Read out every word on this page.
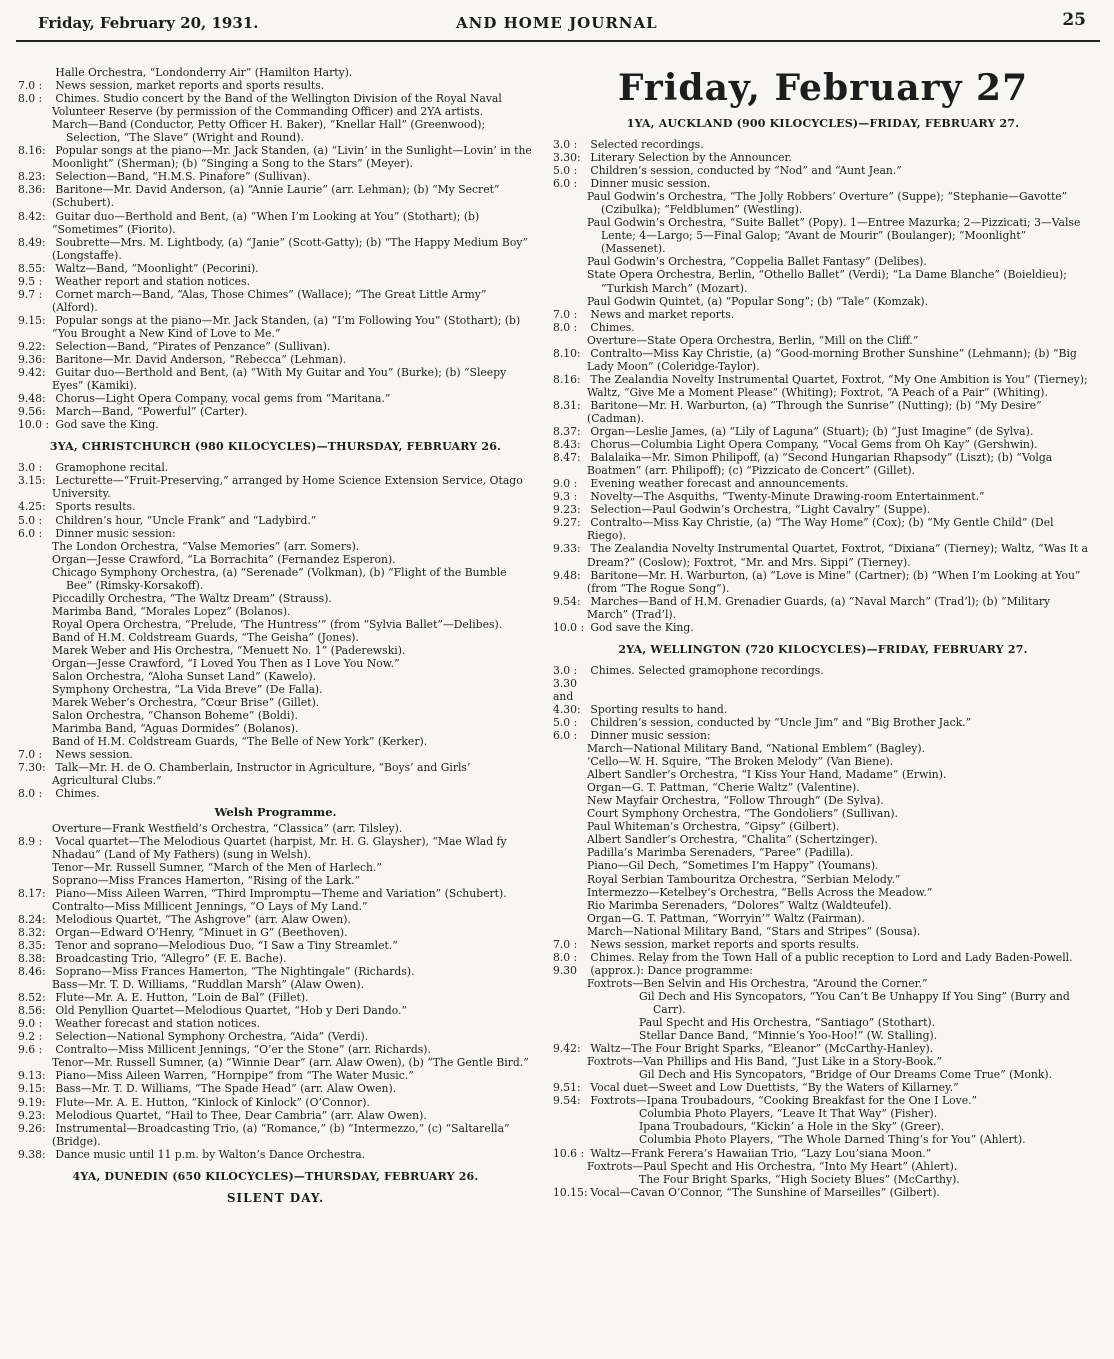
Friday, February 20, 1931.	AND HOME JOURNAL	25
Halle Orchestra, “Londonderry Air” (Hamilton Harty).
7.0 : News session, market reports and sports results.
8.0 : Chimes. Studio concert by the Band of the Wellington Division of the Royal Naval Volunteer Reserve (by permission of the Commanding Officer) and 2YA artists.
March—Band (Conductor, Petty Officer H. Baker), “Knellar Hall” (Greenwood); Selection, “The Slave” (Wright and Round).
8.16: Popular songs at the piano—Mr. Jack Standen, (a) “Livin’ in the Sunlight—Lovin’ in the Moonlight” (Sherman); (b) “Singing a Song to the Stars” (Meyer).
8.23: Selection—Band, “H.M.S. Pinafore” (Sullivan).
8.36: Baritone—Mr. David Anderson, (a) “Annie Laurie” (arr. Lehman); (b) “My Secret” (Schubert).
8.42: Guitar duo—Berthold and Bent, (a) “When I’m Looking at You” (Stothart); (b) “Sometimes” (Fiorito).
8.49: Soubrette—Mrs. M. Lightbody, (a) “Janie” (Scott-Gatty); (b) “The Happy Medium Boy” (Longstaffe).
8.55: Waltz—Band, “Moonlight” (Pecorini).
9.5 : Weather report and station notices.
9.7 : Cornet march—Band, “Alas, Those Chimes” (Wallace); “The Great Little Army” (Alford).
9.15: Popular songs at the piano—Mr. Jack Standen, (a) “I’m Following You” (Stothart); (b) “You Brought a New Kind of Love to Me.”
9.22: Selection—Band, “Pirates of Penzance” (Sullivan).
9.36: Baritone—Mr. David Anderson, “Rebecca” (Lehman).
9.42: Guitar duo—Berthold and Bent, (a) “With My Guitar and You” (Burke); (b) “Sleepy Eyes” (Kamiki).
9.48: Chorus—Light Opera Company, vocal gems from “Maritana.”
9.56: March—Band, “Powerful” (Carter).
10.0 : God save the King.
3YA, CHRISTCHURCH (980 KILOCYCLES)—THURSDAY, FEBRUARY 26.
3.0 : Gramophone recital.
3.15: Lecturette—“Fruit-Preserving,” arranged by Home Science Extension Service, Otago University.
4.25: Sports results.
5.0 : Children’s hour, “Uncle Frank” and “Ladybird.”
6.0 : Dinner music session:
The London Orchestra, “Valse Memories” (arr. Somers).
Organ—Jesse Crawford, “La Borrachita” (Fernandez Esperon).
Chicago Symphony Orchestra, (a) “Serenade” (Volkman), (b) “Flight of the Bumble Bee” (Rimsky-Korsakoff).
Piccadilly Orchestra, “The Waltz Dream” (Strauss).
Marimba Band, “Morales Lopez” (Bolanos).
Royal Opera Orchestra, “Prelude, ‘The Huntress’” (from “Sylvia Ballet”—Delibes).
Band of H.M. Coldstream Guards, “The Geisha” (Jones).
Marek Weber and His Orchestra, “Menuett No. 1” (Paderewski).
Organ—Jesse Crawford, “I Loved You Then as I Love You Now.”
Salon Orchestra, “Aloha Sunset Land” (Kawelo).
Symphony Orchestra, “La Vida Breve” (De Falla).
Marek Weber’s Orchestra, “Cœur Brise” (Gillet).
Salon Orchestra, “Chanson Boheme” (Boldi).
Marimba Band, “Aguas Dormides” (Bolanos).
Band of H.M. Coldstream Guards, “The Belle of New York” (Kerker).
7.0 : News session.
7.30: Talk—Mr. H. de O. Chamberlain, Instructor in Agriculture, “Boys’ and Girls’ Agricultural Clubs.”
8.0 : Chimes.
Welsh Programme.
Overture—Frank Westfield’s Orchestra, “Classica” (arr. Tilsley).
8.9 : Vocal quartet—The Melodious Quartet (harpist, Mr. H. G. Glaysher), “Mae Wlad fy Nhadau” (Land of My Fathers) (sung in Welsh).
Tenor—Mr. Russell Sumner, “March of the Men of Harlech.”
Soprano—Miss Frances Hamerton, “Rising of the Lark.”
8.17: Piano—Miss Aileen Warren, “Third Impromptu—Theme and Variation” (Schubert).
Contralto—Miss Millicent Jennings, “O Lays of My Land.”
8.24: Melodious Quartet, “The Ashgrove” (arr. Alaw Owen).
8.32: Organ—Edward O’Henry, “Minuet in G” (Beethoven).
8.35: Tenor and soprano—Melodious Duo, “I Saw a Tiny Streamlet.”
8.38: Broadcasting Trio, “Allegro” (F. E. Bache).
8.46: Soprano—Miss Frances Hamerton, “The Nightingale” (Richards).
Bass—Mr. T. D. Williams, “Ruddlan Marsh” (Alaw Owen).
8.52: Flute—Mr. A. E. Hutton, “Loin de Bal” (Fillet).
8.56: Old Penyllion Quartet—Melodious Quartet, “Hob y Deri Dando.”
9.0 : Weather forecast and station notices.
9.2 : Selection—National Symphony Orchestra, “Aida” (Verdi).
9.6 : Contralto—Miss Millicent Jennings, “O’er the Stone” (arr. Richards).
Tenor—Mr. Russell Sumner, (a) “Winnie Dear” (arr. Alaw Owen), (b) “The Gentle Bird.”
9.13: Piano—Miss Aileen Warren, “Hornpipe” from “The Water Music.”
9.15: Bass—Mr. T. D. Williams, “The Spade Head” (arr. Alaw Owen).
9.19: Flute—Mr. A. E. Hutton, “Kinlock of Kinlock” (O’Connor).
9.23: Melodious Quartet, “Hail to Thee, Dear Cambria” (arr. Alaw Owen).
9.26: Instrumental—Broadcasting Trio, (a) “Romance,” (b) “Intermezzo,” (c) “Saltarella” (Bridge).
9.38: Dance music until 11 p.m. by Walton’s Dance Orchestra.
4YA, DUNEDIN (650 KILOCYCLES)—THURSDAY, FEBRUARY 26.
SILENT DAY.
Friday, February 27
1YA, AUCKLAND (900 KILOCYCLES)—FRIDAY, FEBRUARY 27.
3.0 : Selected recordings.
3.30: Literary Selection by the Announcer.
5.0 : Children’s session, conducted by “Nod” and “Aunt Jean.”
6.0 : Dinner music session.
Paul Godwin’s Orchestra, “The Jolly Robbers’ Overture” (Suppe); “Stephanie—Gavotte” (Czibulka); “Feldblumen” (Westling).
Paul Godwin’s Orchestra, “Suite Ballet” (Popy). 1—Entree Mazurka; 2—Pizzicati; 3—Valse Lente; 4—Largo; 5—Final Galop; “Avant de Mourir” (Boulanger); “Moonlight” (Massenet).
Paul Godwin’s Orchestra, “Coppelia Ballet Fantasy” (Delibes).
State Opera Orchestra, Berlin, “Othello Ballet” (Verdi); “La Dame Blanche” (Boieldieu); “Turkish March” (Mozart).
Paul Godwin Quintet, (a) “Popular Song”; (b) “Tale” (Komzak).
7.0 : News and market reports.
8.0 : Chimes.
Overture—State Opera Orchestra, Berlin, “Mill on the Cliff.”
8.10: Contralto—Miss Kay Christie, (a) “Good-morning Brother Sunshine” (Lehmann); (b) “Big Lady Moon” (Coleridge-Taylor).
8.16: The Zealandia Novelty Instrumental Quartet, Foxtrot, “My One Ambition is You” (Tierney); Waltz, “Give Me a Moment Please” (Whiting); Foxtrot, “A Peach of a Pair” (Whiting).
8.31: Baritone—Mr. H. Warburton, (a) “Through the Sunrise” (Nutting); (b) “My Desire” (Cadman).
8.37: Organ—Leslie James, (a) “Lily of Laguna” (Stuart); (b) “Just Imagine” (de Sylva).
8.43: Chorus—Columbia Light Opera Company, “Vocal Gems from Oh Kay” (Gershwin).
8.47: Balalaika—Mr. Simon Philipoff, (a) “Second Hungarian Rhapsody” (Liszt); (b) “Volga Boatmen” (arr. Philipoff); (c) “Pizzicato de Concert” (Gillet).
9.0 : Evening weather forecast and announcements.
9.3 : Novelty—The Asquiths, “Twenty-Minute Drawing-room Entertainment.”
9.23: Selection—Paul Godwin’s Orchestra, “Light Cavalry” (Suppe).
9.27: Contralto—Miss Kay Christie, (a) “The Way Home” (Cox); (b) “My Gentle Child” (Del Riego).
9.33: The Zealandia Novelty Instrumental Quartet, Foxtrot, “Dixiana” (Tierney); Waltz, “Was It a Dream?” (Coslow); Foxtrot, “Mr. and Mrs. Sippi” (Tierney).
9.48: Baritone—Mr. H. Warburton, (a) “Love is Mine” (Cartner); (b) “When I’m Looking at You” (from “The Rogue Song”).
9.54: Marches—Band of H.M. Grenadier Guards, (a) “Naval March” (Trad’l); (b) “Military March” (Trad’l).
10.0 : God save the King.
2YA, WELLINGTON (720 KILOCYCLES)—FRIDAY, FEBRUARY 27.
3.0 : Chimes. Selected gramophone recordings.
3.30 and 4.30: Sporting results to hand.
5.0 : Children’s session, conducted by “Uncle Jim” and “Big Brother Jack.”
6.0 : Dinner music session:
March—National Military Band, “National Emblem” (Bagley).
’Cello—W. H. Squire, “The Broken Melody” (Van Biene).
Albert Sandler’s Orchestra, “I Kiss Your Hand, Madame” (Erwin).
Organ—G. T. Pattman, “Cherie Waltz” (Valentine).
New Mayfair Orchestra, “Follow Through” (De Sylva).
Court Symphony Orchestra, “The Gondoliers” (Sullivan).
Paul Whiteman’s Orchestra, “Gipsy” (Gilbert).
Albert Sandler’s Orchestra, “Chalita” (Schertzinger).
Padilla’s Marimba Serenaders, “Paree” (Padilla).
Piano—Gil Dech, “Sometimes I’m Happy” (Youmans).
Royal Serbian Tambouritza Orchestra, “Serbian Melody.”
Intermezzo—Ketelbey’s Orchestra, “Bells Across the Meadow.”
Rio Marimba Serenaders, “Dolores” Waltz (Waldteufel).
Organ—G. T. Pattman, “Worryin’” Waltz (Fairman).
March—National Military Band, “Stars and Stripes” (Sousa).
7.0 : News session, market reports and sports results.
8.0 : Chimes. Relay from the Town Hall of a public reception to Lord and Lady Baden-Powell.
9.30 (approx.): Dance programme:
Foxtrots—Ben Selvin and His Orchestra, “Around the Corner.”
Gil Dech and His Syncopators, “You Can’t Be Unhappy If You Sing” (Burry and Carr).
Paul Specht and His Orchestra, “Santiago” (Stothart).
Stellar Dance Band, “Minnie’s Yoo-Hoo!” (W. Stalling).
9.42: Waltz—The Four Bright Sparks, “Eleanor” (McCarthy-Hanley).
Foxtrots—Van Phillips and His Band, “Just Like in a Story-Book.”
Gil Dech and His Syncopators, “Bridge of Our Dreams Come True” (Monk).
9.51: Vocal duet—Sweet and Low Duettists, “By the Waters of Killarney.”
9.54: Foxtrots—Ipana Troubadours, “Cooking Breakfast for the One I Love.”
Columbia Photo Players, “Leave It That Way” (Fisher).
Ipana Troubadours, “Kickin’ a Hole in the Sky” (Greer).
Columbia Photo Players, “The Whole Darned Thing’s for You” (Ahlert).
10.6 : Waltz—Frank Ferera’s Hawaiian Trio, “Lazy Lou’siana Moon.”
Foxtrots—Paul Specht and His Orchestra, “Into My Heart” (Ahlert).
The Four Bright Sparks, “High Society Blues” (McCarthy).
10.15: Vocal—Cavan O’Connor, “The Sunshine of Marseilles” (Gilbert).
